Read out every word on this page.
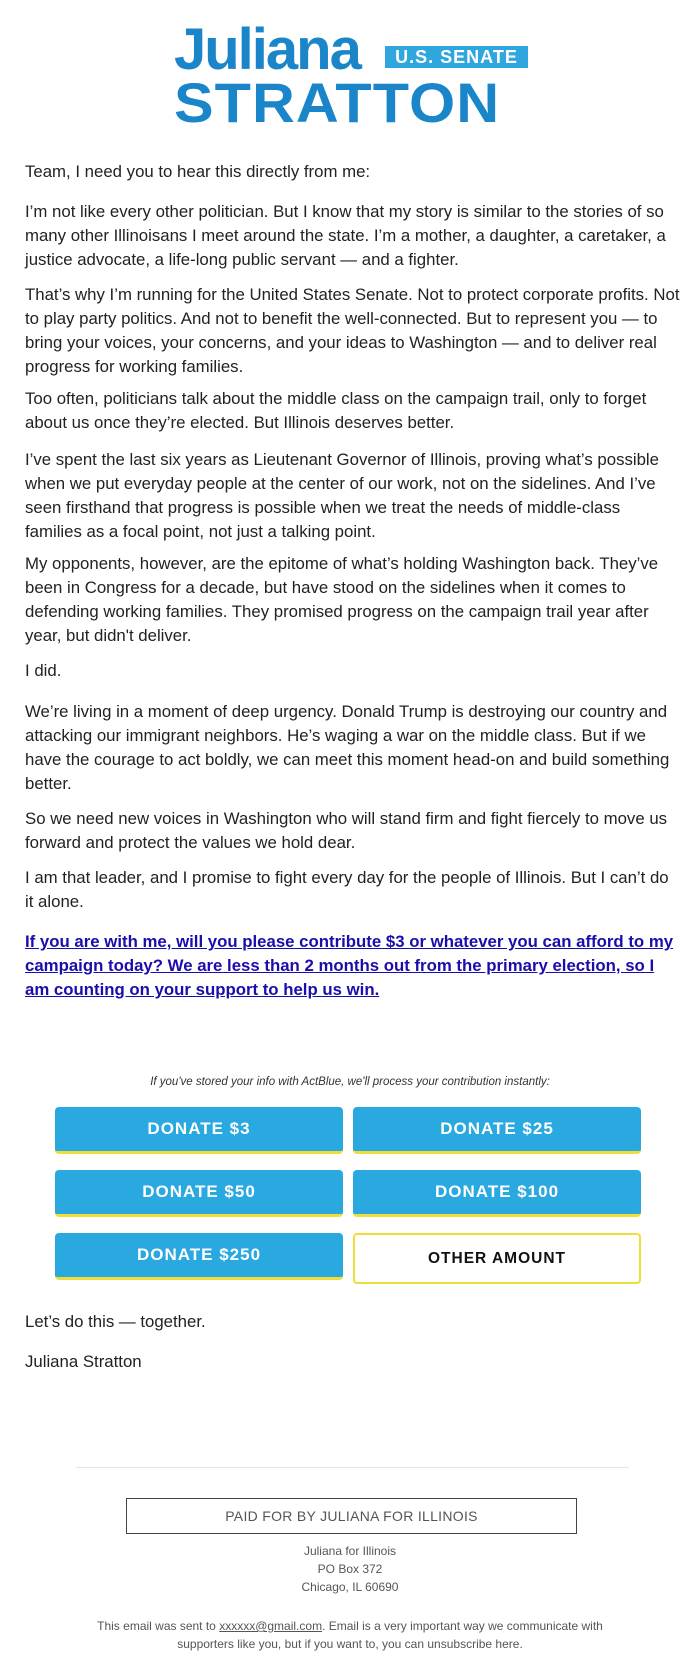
Juliana	U.S. SENATE
STRATTON

Team, I need you to hear this directly from me:

I’m not like every other politician. But I know that my story is similar to the stories of so many other Illinoisans I meet around the state. I’m a mother, a daughter, a caretaker, a justice advocate, a life-long public servant — and a fighter.

That’s why I’m running for the United States Senate. Not to protect corporate profits. Not to play party politics. And not to benefit the well-connected. But to represent you — to bring your voices, your concerns, and your ideas to Washington — and to deliver real progress for working families.

Too often, politicians talk about the middle class on the campaign trail, only to forget about us once they’re elected. But Illinois deserves better.

I’ve spent the last six years as Lieutenant Governor of Illinois, proving what’s possible when we put everyday people at the center of our work, not on the sidelines. And I’ve seen firsthand that progress is possible when we treat the needs of middle-class families as a focal point, not just a talking point.

My opponents, however, are the epitome of what’s holding Washington back. They’ve been in Congress for a decade, but have stood on the sidelines when it comes to defending working families. They promised progress on the campaign trail year after year, but didn't deliver.

I did.

We’re living in a moment of deep urgency. Donald Trump is destroying our country and attacking our immigrant neighbors. He’s waging a war on the middle class. But if we have the courage to act boldly, we can meet this moment head-on and build something better.

So we need new voices in Washington who will stand firm and fight fiercely to move us forward and protect the values we hold dear.

I am that leader, and I promise to fight every day for the people of Illinois. But I can’t do it alone.

If you are with me, will you please contribute $3 or whatever you can afford to my campaign today? We are less than 2 months out from the primary election, so I am counting on your support to help us win.
If you've stored your info with ActBlue, we'll process your contribution instantly:
DONATE $3	DONATE $25
DONATE $50	DONATE $100
DONATE $250	OTHER AMOUNT

Let’s do this — together.

Juliana Stratton

PAID FOR BY JULIANA FOR ILLINOIS
Juliana for Illinois
PO Box 372
Chicago, IL 60690
This email was sent to xxxxxx@gmail.com. Email is a very important way we communicate with supporters like you, but if you want to, you can unsubscribe here.
